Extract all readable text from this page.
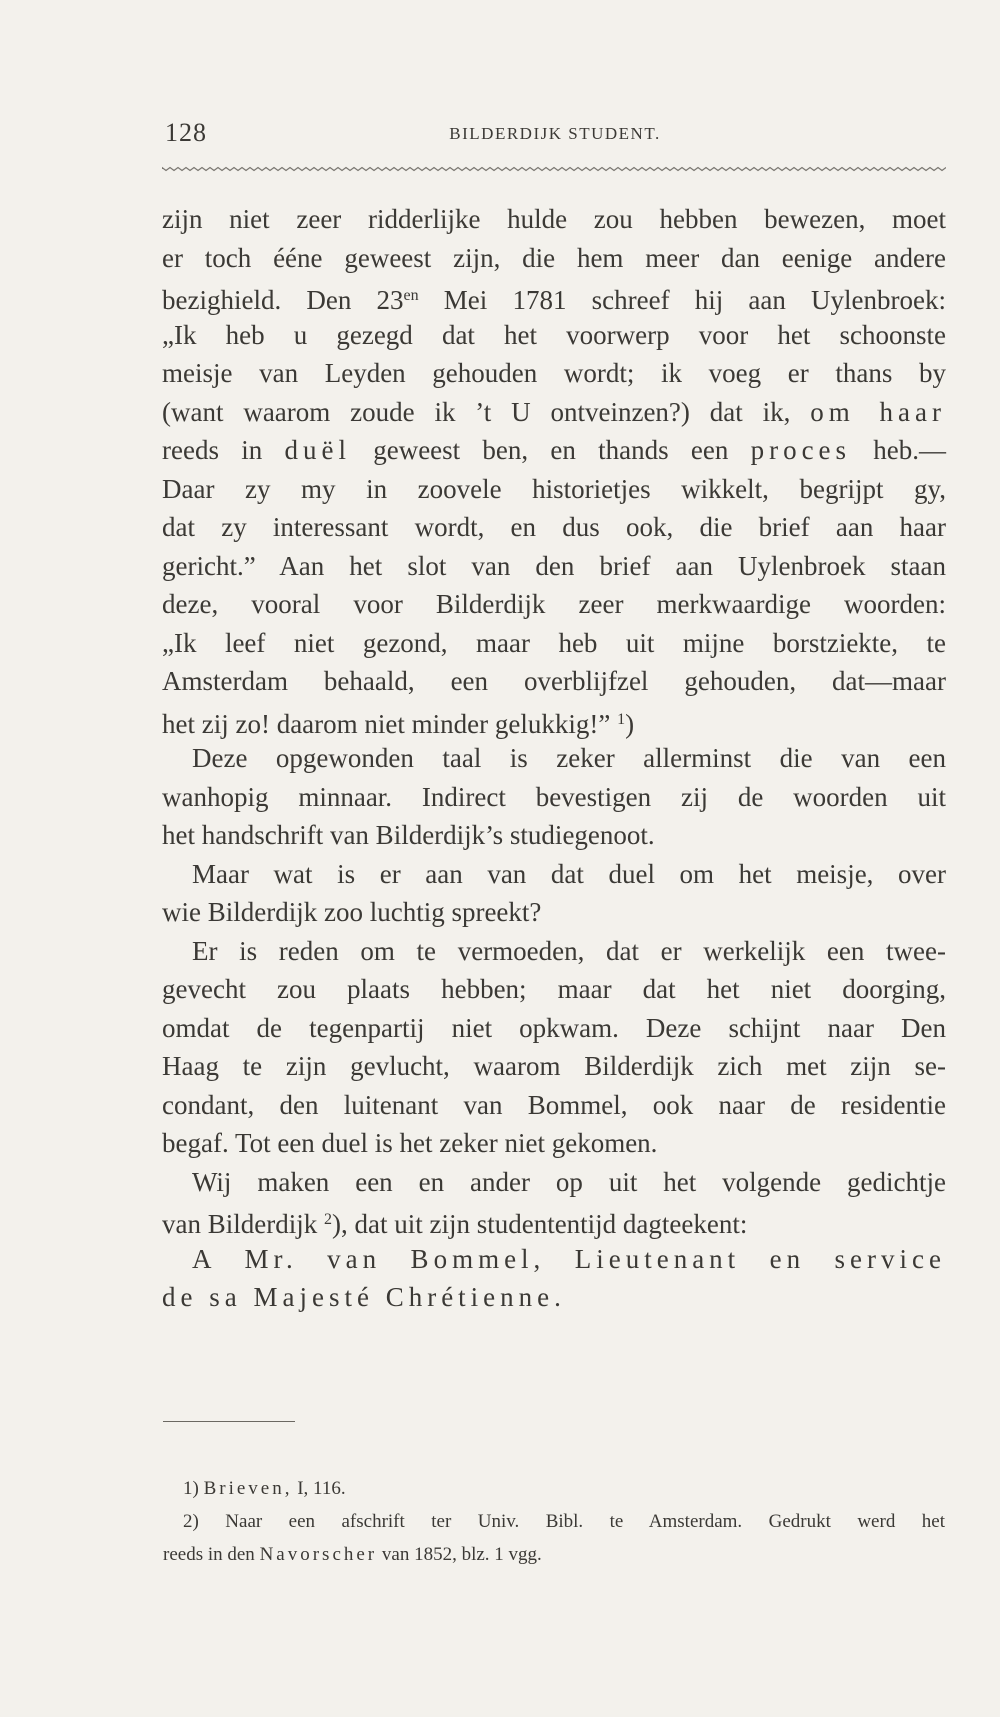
128	BILDERDIJK STUDENT.
zijn niet zeer ridderlijke hulde zou hebben bewezen, moet
er toch ééne geweest zijn, die hem meer dan eenige andere
bezighield. Den $23^{en}$ Mei 1781 schreef hij aan Uylenbroek:
„Ik heb u gezegd dat het voorwerp voor het schoonste
meisje van Leyden gehouden wordt; ik voeg er thans by
(want waarom zoude ik ’t U ontveinzen?) dat ik, om haar
reeds in duël geweest ben, en thands een proces heb.—
Daar zy my in zoovele historietjes wikkelt, begrijpt gy,
dat zy interessant wordt, en dus ook, die brief aan haar
gericht.” Aan het slot van den brief aan Uylenbroek staan
deze, vooral voor Bilderdijk zeer merkwaardige woorden:
„Ik leef niet gezond, maar heb uit mijne borstziekte, te
Amsterdam behaald, een overblijfzel gehouden, dat—maar
het zij zo! daarom niet minder gelukkig!” $^1$)
Deze opgewonden taal is zeker allerminst die van een
wanhopig minnaar. Indirect bevestigen zij de woorden uit
het handschrift van Bilderdijk’s studiegenoot.
Maar wat is er aan van dat duel om het meisje, over
wie Bilderdijk zoo luchtig spreekt?
Er is reden om te vermoeden, dat er werkelijk een twee-
gevecht zou plaats hebben; maar dat het niet doorging,
omdat de tegenpartij niet opkwam. Deze schijnt naar Den
Haag te zijn gevlucht, waarom Bilderdijk zich met zijn se-
condant, den luitenant van Bommel, ook naar de residentie
begaf. Tot een duel is het zeker niet gekomen.
Wij maken een en ander op uit het volgende gedichtje
van Bilderdijk $^2$), dat uit zijn studententijd dagteekent:
A Mr. van Bommel, Lieutenant en service
de sa Majesté Chrétienne.
1) Brieven, I, 116.
2) Naar een afschrift ter Univ. Bibl. te Amsterdam. Gedrukt werd het
reeds in den Navorscher van 1852, blz. 1 vgg.
